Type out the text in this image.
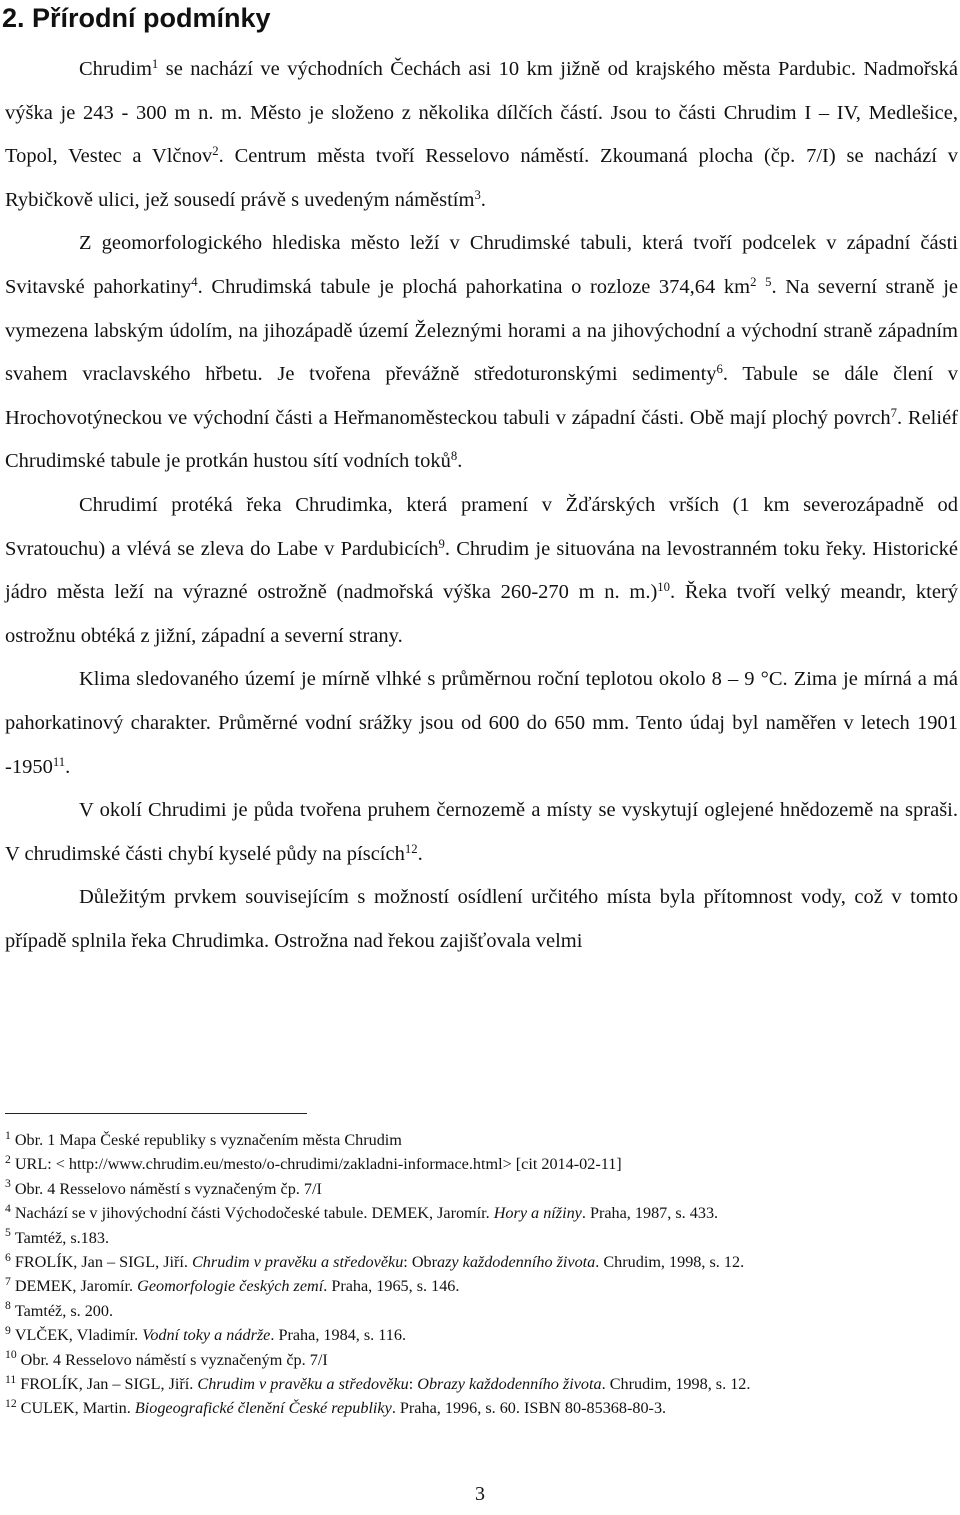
2. Přírodní podmínky

Chrudim$^1$ se nachází ve východních Čechách asi 10 km jižně od krajského města Pardubic. Nadmořská výška je 243 - 300 m n. m. Město je složeno z několika dílčích částí. Jsou to části Chrudim I – IV, Medlešice, Topol, Vestec a Vlčnov$^2$. Centrum města tvoří Resselovo náměstí. Zkoumaná plocha (čp. 7/I) se nachází v Rybičkově ulici, jež sousedí právě s uvedeným náměstím$^3$.

Z geomorfologického hlediska město leží v Chrudimské tabuli, která tvoří podcelek v západní části Svitavské pahorkatiny$^4$. Chrudimská tabule je plochá pahorkatina o rozloze 374,64 $km^2$ $^5$. Na severní straně je vymezena labským údolím, na jihozápadě území Železnými horami a na jihovýchodní a východní straně západním svahem vraclavského hřbetu. Je tvořena převážně středoturonskými sedimenty$^6$. Tabule se dále člení v Hrochovotýneckou ve východní části a Heřmanoměsteckou tabuli v západní části. Obě mají plochý povrch$^7$. Reliéf Chrudimské tabule je protkán hustou sítí vodních toků$^8$.

Chrudimí protéká řeka Chrudimka, která pramení v Žďárských vrších (1 km severozápadně od Svratouchu) a vlévá se zleva do Labe v Pardubicích$^9$. Chrudim je situována na levostranném toku řeky. Historické jádro města leží na výrazné ostrožně (nadmořská výška 260-270 m n. m.)$^{10}$. Řeka tvoří velký meandr, který ostrožnu obtéká z jižní, západní a severní strany.

Klima sledovaného území je mírně vlhké s průměrnou roční teplotou okolo 8 – 9 °C. Zima je mírná a má pahorkatinový charakter. Průměrné vodní srážky jsou od 600 do 650 mm. Tento údaj byl naměřen v letech 1901 -1950$^{11}$.

V okolí Chrudimi je půda tvořena pruhem černozemě a místy se vyskytují oglejené hnědozemě na spraši. V chrudimské části chybí kyselé půdy na píscích$^{12}$.

Důležitým prvkem souvisejícím s možností osídlení určitého místa byla přítomnost vody, což v tomto případě splnila řeka Chrudimka. Ostrožna nad řekou zajišťovala velmi

$^1$ Obr. 1 Mapa České republiky s vyznačením města Chrudim
$^2$ URL: < http://www.chrudim.eu/mesto/o-chrudimi/zakladni-informace.html> [cit 2014-02-11]
$^3$ Obr. 4 Resselovo náměstí s vyznačeným čp. 7/I
$^4$ Nachází se v jihovýchodní části Východočeské tabule. DEMEK, Jaromír. Hory a nížiny. Praha, 1987, s. 433.
$^5$ Tamtéž, s.183.
$^6$ FROLÍK, Jan – SIGL, Jiří. Chrudim v pravěku a středověku: Obrazy každodenního života. Chrudim, 1998, s. 12.
$^7$ DEMEK, Jaromír. Geomorfologie českých zemí. Praha, 1965, s. 146.
$^8$ Tamtéž, s. 200.
$^9$ VLČEK, Vladimír. Vodní toky a nádrže. Praha, 1984, s. 116.
$^{10}$ Obr. 4 Resselovo náměstí s vyznačeným čp. 7/I
$^{11}$ FROLÍK, Jan – SIGL, Jiří. Chrudim v pravěku a středověku: Obrazy každodenního života. Chrudim, 1998, s. 12.
$^{12}$ CULEK, Martin. Biogeografické členění České republiky. Praha, 1996, s. 60. ISBN 80-85368-80-3.
3
